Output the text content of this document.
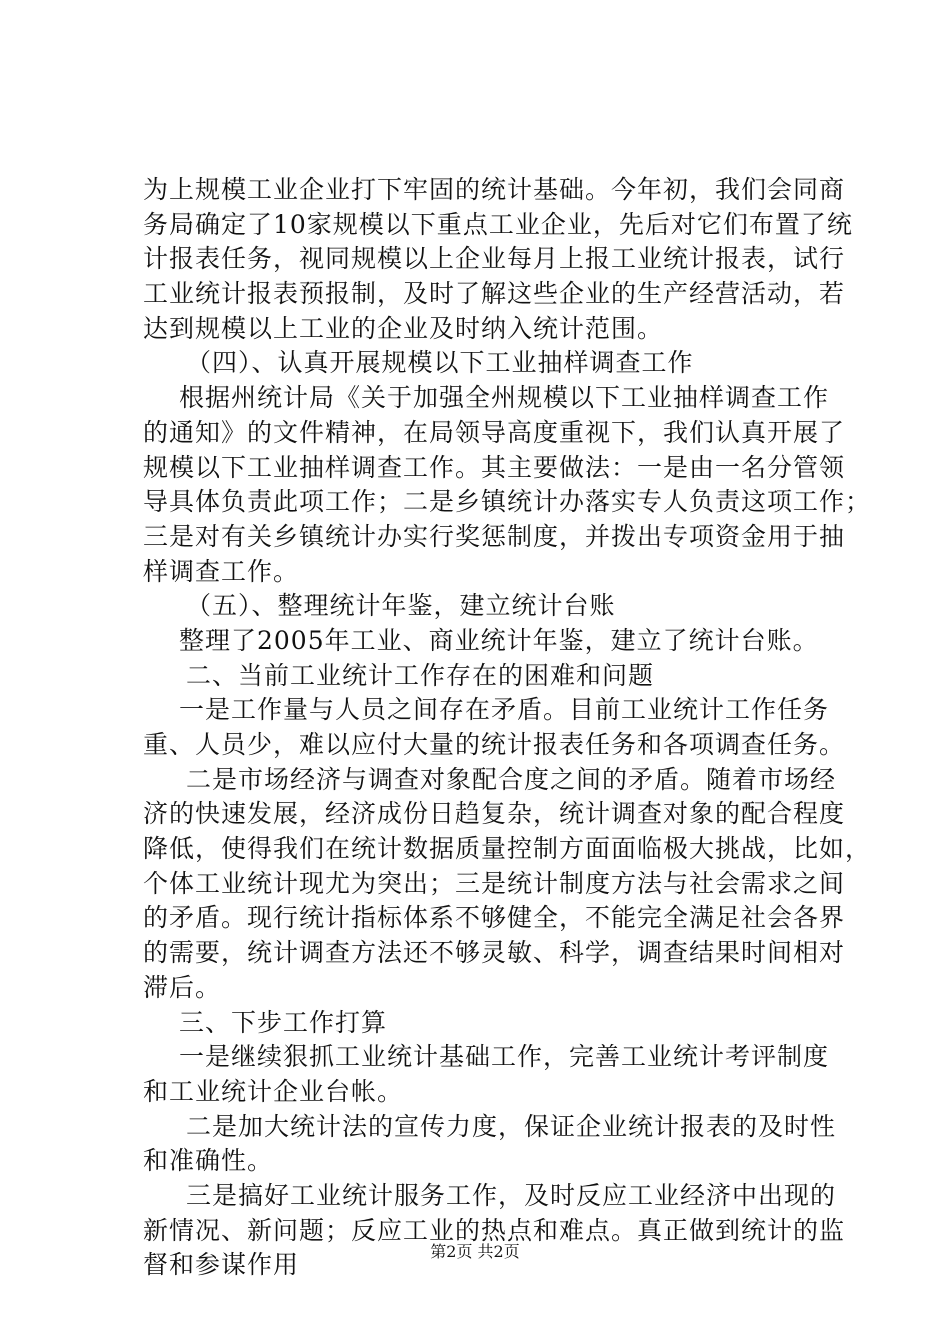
为上规模工业企业打下牢固的统计基础。今年初，我们会同商
务局确定了10家规模以下重点工业企业，先后对它们布置了统
计报表任务，视同规模以上企业每月上报工业统计报表，试行
工业统计报表预报制，及时了解这些企业的生产经营活动，若
达到规模以上工业的企业及时纳入统计范围。
（四）、认真开展规模以下工业抽样调查工作
根据州统计局《关于加强全州规模以下工业抽样调查工作
的通知》的文件精神，在局领导高度重视下，我们认真开展了
规模以下工业抽样调查工作。其主要做法：一是由一名分管领
导具体负责此项工作；二是乡镇统计办落实专人负责这项工作；
三是对有关乡镇统计办实行奖惩制度，并拨出专项资金用于抽
样调查工作。
（五）、整理统计年鉴，建立统计台账
整理了2005年工业、商业统计年鉴，建立了统计台账。
二、当前工业统计工作存在的困难和问题
一是工作量与人员之间存在矛盾。目前工业统计工作任务
重、人员少，难以应付大量的统计报表任务和各项调查任务。
二是市场经济与调查对象配合度之间的矛盾。随着市场经
济的快速发展，经济成份日趋复杂，统计调查对象的配合程度
降低，使得我们在统计数据质量控制方面面临极大挑战，比如，
个体工业统计现尤为突出；三是统计制度方法与社会需求之间
的矛盾。现行统计指标体系不够健全，不能完全满足社会各界
的需要，统计调查方法还不够灵敏、科学，调查结果时间相对
滞后。
三、下步工作打算
一是继续狠抓工业统计基础工作，完善工业统计考评制度
和工业统计企业台帐。
二是加大统计法的宣传力度，保证企业统计报表的及时性
和准确性。
三是搞好工业统计服务工作，及时反应工业经济中出现的
新情况、新问题；反应工业的热点和难点。真正做到统计的监
督和参谋作用	第2页 共2页
